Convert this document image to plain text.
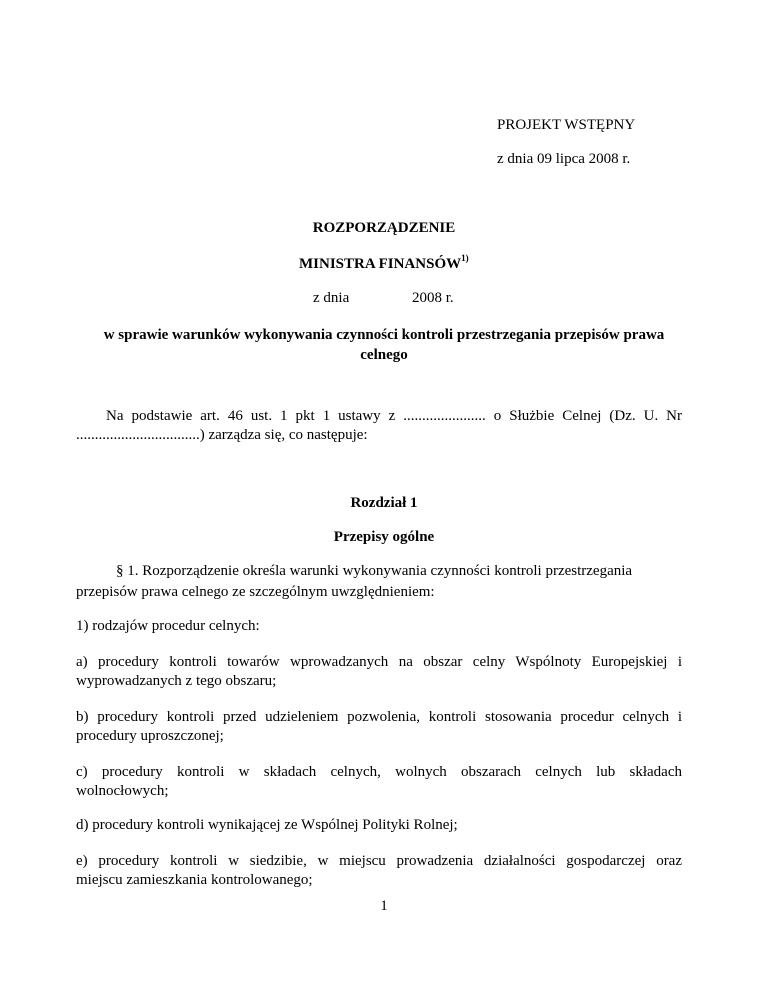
PROJEKT WSTĘPNY
z dnia 09 lipca 2008 r.
ROZPORZĄDZENIE
MINISTRA FINANSÓW$^{1)}$
z dnia	2008 r.
w sprawie warunków wykonywania czynności kontroli przestrzegania przepisów prawa
celnego
Na podstawie art. 46 ust. 1 pkt 1 ustawy z ...................... o Służbie Celnej (Dz. U. Nr
.................................) zarządza się, co następuje:
Rozdział 1
Przepisy ogólne
§ 1. Rozporządzenie określa warunki wykonywania czynności kontroli przestrzegania
przepisów prawa celnego ze szczególnym uwzględnieniem:
1) rodzajów procedur celnych:
a) procedury kontroli towarów wprowadzanych na obszar celny Wspólnoty Europejskiej i
wyprowadzanych z tego obszaru;
b) procedury kontroli przed udzieleniem pozwolenia, kontroli stosowania procedur celnych i
procedury uproszczonej;
c) procedury kontroli w składach celnych, wolnych obszarach celnych lub składach
wolnocłowych;
d) procedury kontroli wynikającej ze Wspólnej Polityki Rolnej;
e) procedury kontroli w siedzibie, w miejscu prowadzenia działalności gospodarczej oraz
miejscu zamieszkania kontrolowanego;
1
